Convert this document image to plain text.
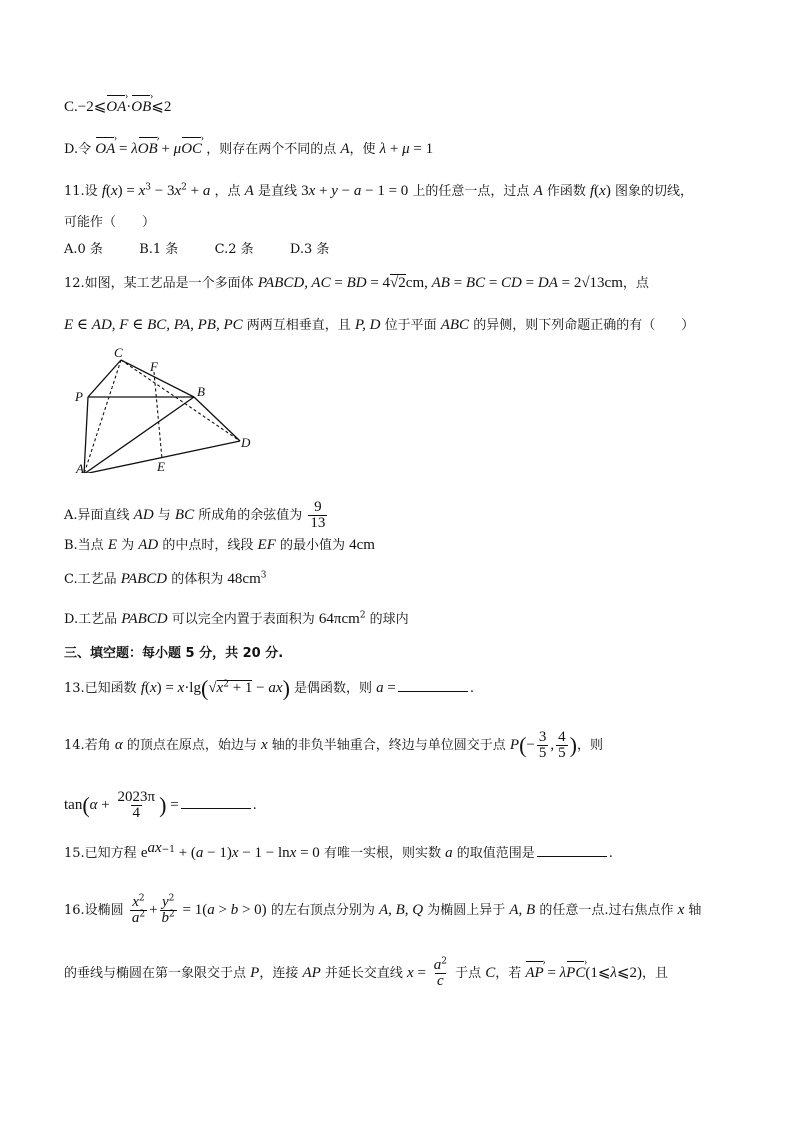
C.−2⩽OA ›·OB ›⩽2
D.令 OA › = λOB › + μOC › ，则存在两个不同的点 A，使 λ + μ = 1
11.设 $f(x) = x^3 - 3x^2 + a$ ，点 A 是直线 3x + y − a − 1 = 0 上的任意一点，过点 A 作函数 f(x) 图象的切线，
可能作（　　）
A.0 条	B.1 条	C.2 条	D.3 条
12.如图，某工艺品是一个多面体 PABCD, AC = BD = 4√2cm, AB = BC = CD = DA = 2√13cm，点
E ∈ AD, F ∈ BC, PA, PB, PC 两两互相垂直，且 P, D 位于平面 ABC 的异侧，则下列命题正确的有（　　）
C
F
P	B
D
A	E
A.异面直线 AD 与 BC 所成角的余弦值为 $\frac{9}{13}$
B.当点 E 为 AD 的中点时，线段 EF 的最小值为 4cm
C.工艺品 PABCD 的体积为 $48cm^3$
D.工艺品 PABCD 可以完全内置于表面积为 64πcm$^2$ 的球内
三、填空题：每小题 5 分，共 20 分.
13.已知函数 $f(x) = x\cdot\lg(√x^2 + 1 - ax)$ 是偶函数，则 a =	.
14.若角 α 的顶点在原点，始边与 x 轴的非负半轴重合，终边与单位圆交于点 $P(- \frac{3}{5}$ , $\frac{4}{5}$ )，则
$\tan(\alpha + \frac{2023\pi}{4}$ ) =	.
15.已知方程 $e^{ax-1} + (a - 1)x - 1 - \ln x = 0$ 有唯一实根，则实数 a 的取值范围是	.
16.设椭圆 $\frac{x^2}{a^2} + \frac{y^2}{b^2} = 1(a > b > 0)$ 的左右顶点分别为 A, B, Q 为椭圆上异于 A, B 的任意一点.过右焦点作 x 轴
的垂线与椭圆在第一象限交于点 P，连接 AP 并延长交直线 $x = \frac{a^2}{c}$ 于点 C，若 AP › = λPC ›(1⩽λ⩽2)，且
